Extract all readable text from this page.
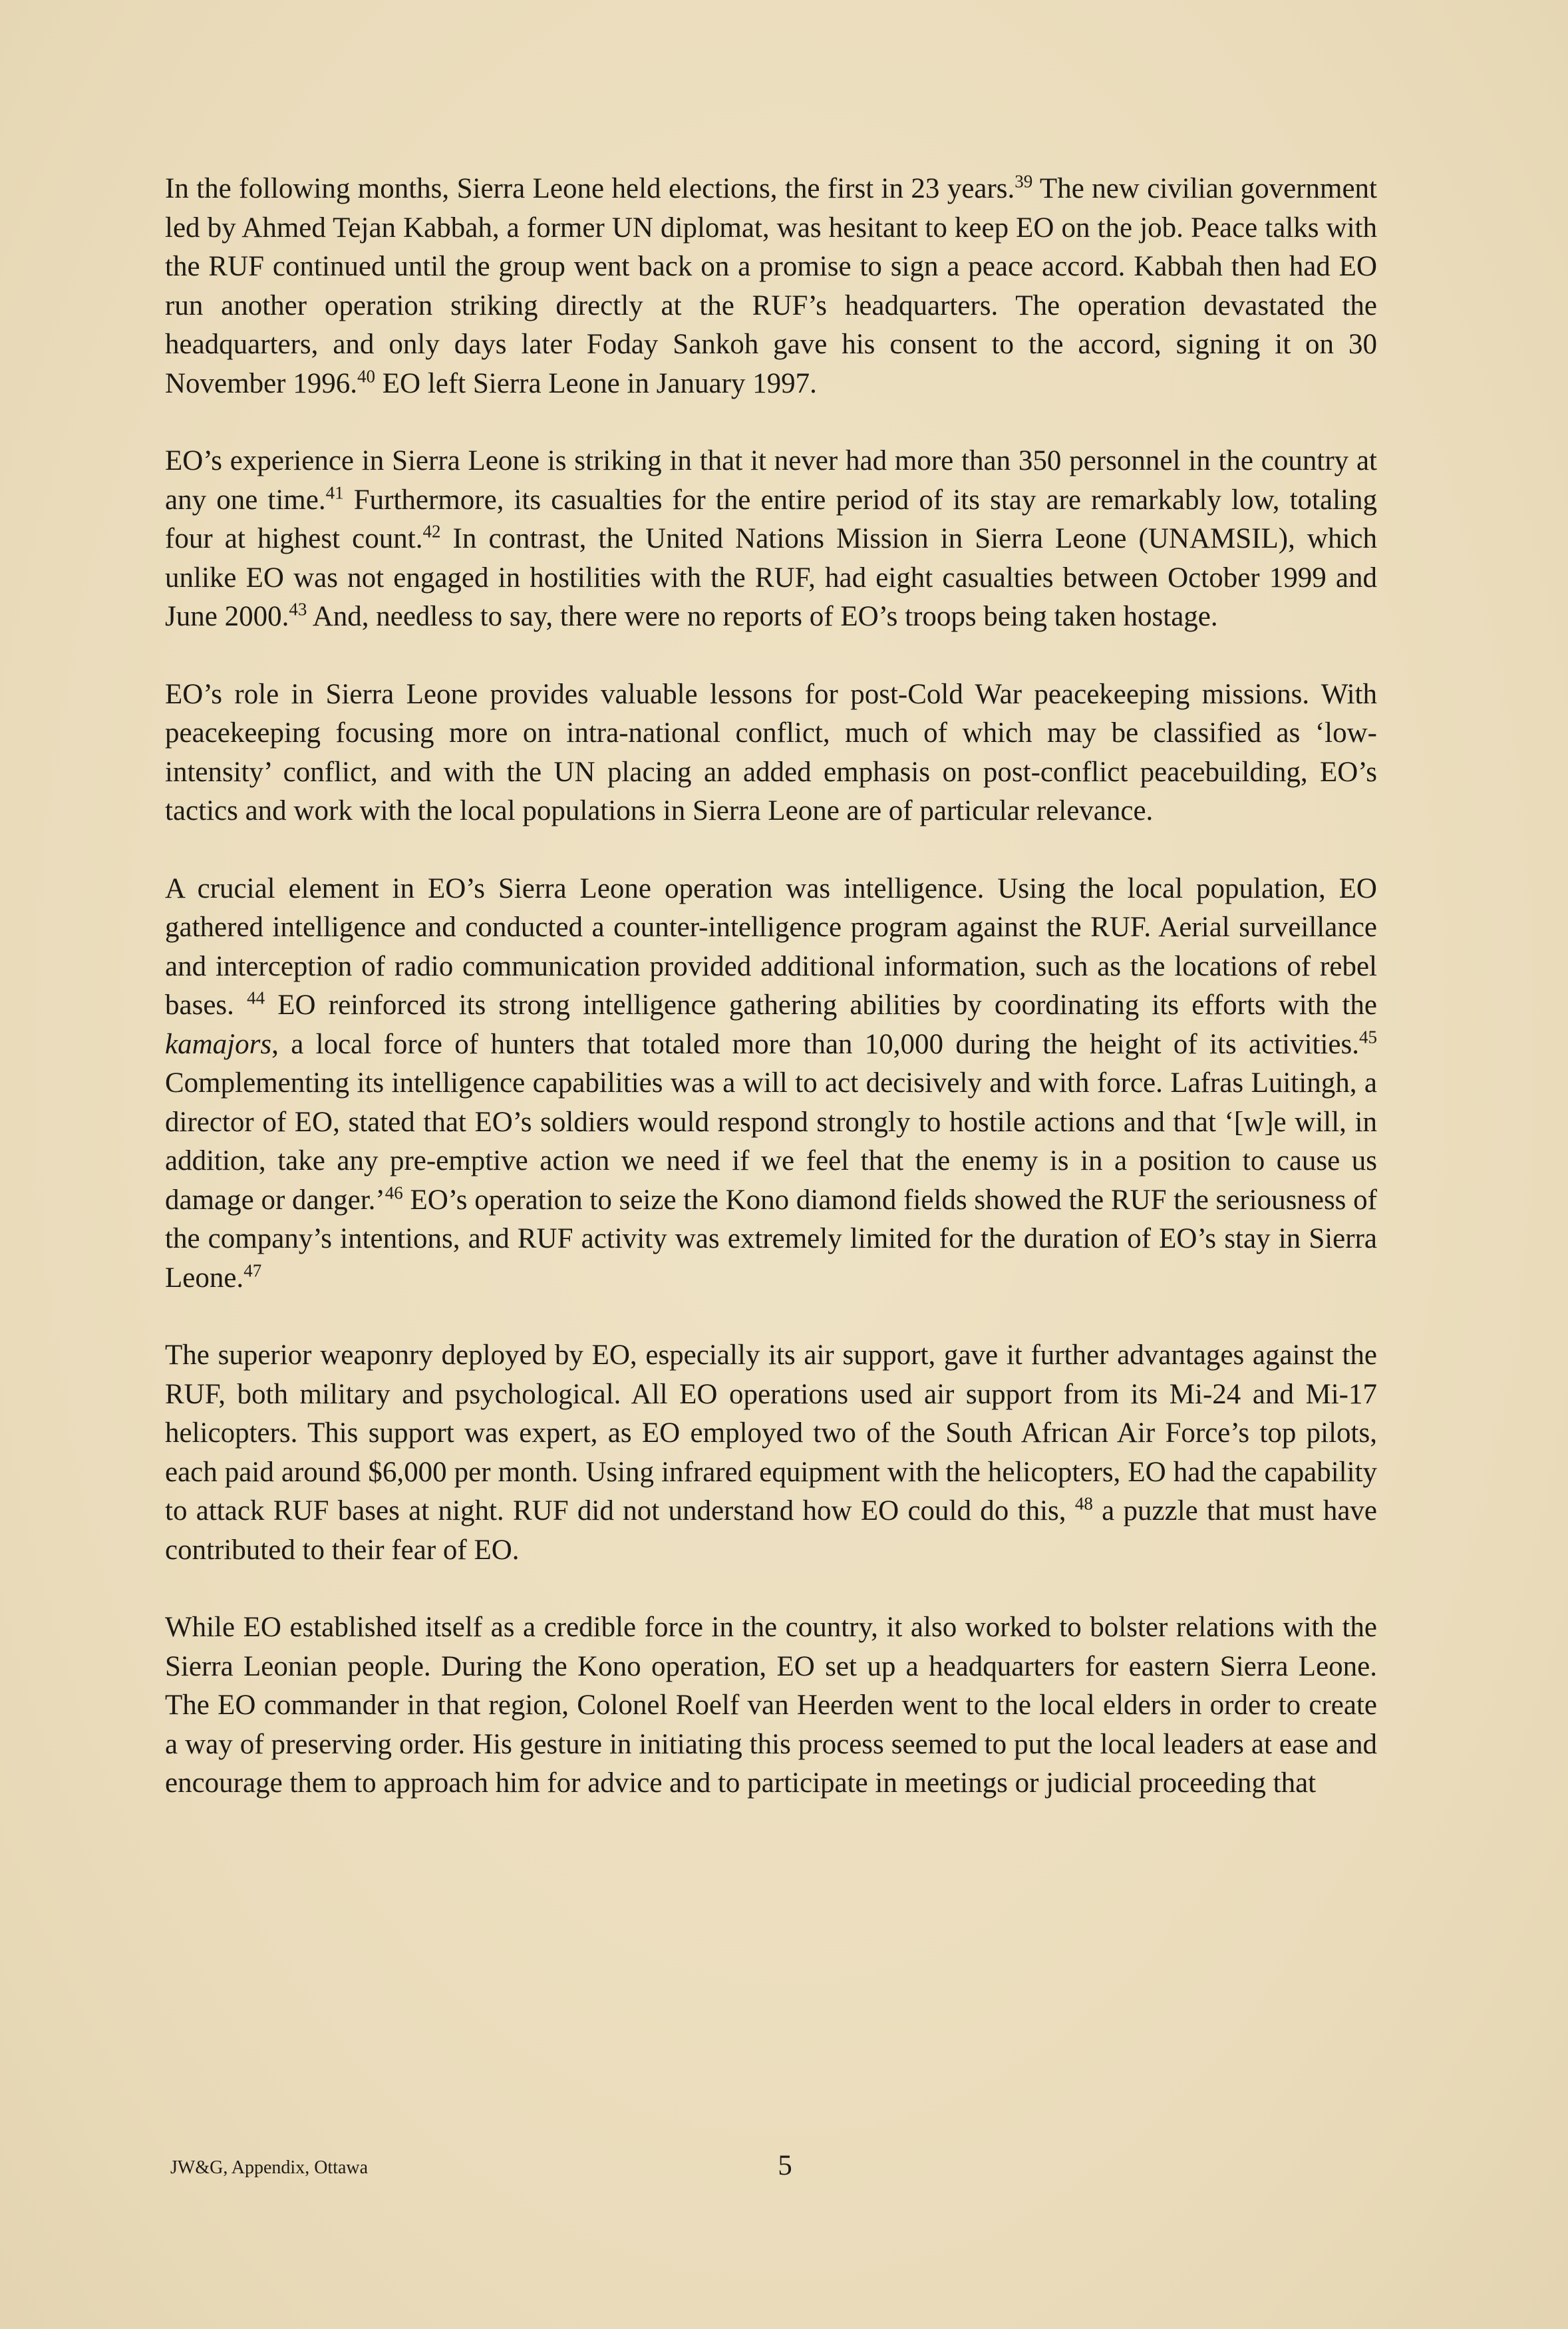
In the following months, Sierra Leone held elections, the first in 23 years.$^{39}$ The new civilian government led by Ahmed Tejan Kabbah, a former UN diplomat, was hesitant to keep EO on the job. Peace talks with the RUF continued until the group went back on a promise to sign a peace accord. Kabbah then had EO run another operation striking directly at the RUF’s headquarters. The operation devastated the headquarters, and only days later Foday Sankoh gave his consent to the accord, signing it on 30 November 1996.40 EO left Sierra Leone in January 1997.

EO’s experience in Sierra Leone is striking in that it never had more than 350 personnel in the country at any one time.$^{41}$ Furthermore, its casualties for the entire period of its stay are remarkably low, totaling four at highest count.$^{42}$ In contrast, the United Nations Mission in Sierra Leone (UNAMSIL), which unlike EO was not engaged in hostilities with the RUF, had eight casualties between October 1999 and June 2000.43 And, needless to say, there were no reports of EO’s troops being taken hostage.

EO’s role in Sierra Leone provides valuable lessons for post-Cold War peacekeeping missions. With peacekeeping focusing more on intra-national conflict, much of which may be classified as ‘low-intensity’ conflict, and with the UN placing an added emphasis on post-conflict peacebuilding, EO’s tactics and work with the local populations in Sierra Leone are of particular relevance.

A crucial element in EO’s Sierra Leone operation was intelligence. Using the local population, EO gathered intelligence and conducted a counter-intelligence program against the RUF. Aerial surveillance and interception of radio communication provided additional information, such as the locations of rebel bases. $^{44}$ EO reinforced its strong intelligence gathering abilities by coordinating its efforts with the kamajors, a local force of hunters that totaled more than 10,000 during the height of its activities.$^{45}$ Complementing its intelligence capabilities was a will to act decisively and with force. Lafras Luitingh, a director of EO, stated that EO’s soldiers would respond strongly to hostile actions and that ‘[w]e will, in addition, take any pre-emptive action we need if we feel that the enemy is in a position to cause us damage or danger.’$^{46}$ EO’s operation to seize the Kono diamond fields showed the RUF the seriousness of the company’s intentions, and RUF activity was extremely limited for the duration of EO’s stay in Sierra Leone.$^{47}$

The superior weaponry deployed by EO, especially its air support, gave it further advantages against the RUF, both military and psychological. All EO operations used air support from its Mi-24 and Mi-17 helicopters. This support was expert, as EO employed two of the South African Air Force’s top pilots, each paid around $6,000 per month. Using infrared equipment with the helicopters, EO had the capability to attack RUF bases at night. RUF did not understand how EO could do this, $^{48}$ a puzzle that must have contributed to their fear of EO.

While EO established itself as a credible force in the country, it also worked to bolster relations with the Sierra Leonian people. During the Kono operation, EO set up a headquarters for eastern Sierra Leone. The EO commander in that region, Colonel Roelf van Heerden went to the local elders in order to create a way of preserving order. His gesture in initiating this process seemed to put the local leaders at ease and encourage them to approach him for advice and to participate in meetings or judicial proceeding that

JW&G, Appendix, Ottawa	5
